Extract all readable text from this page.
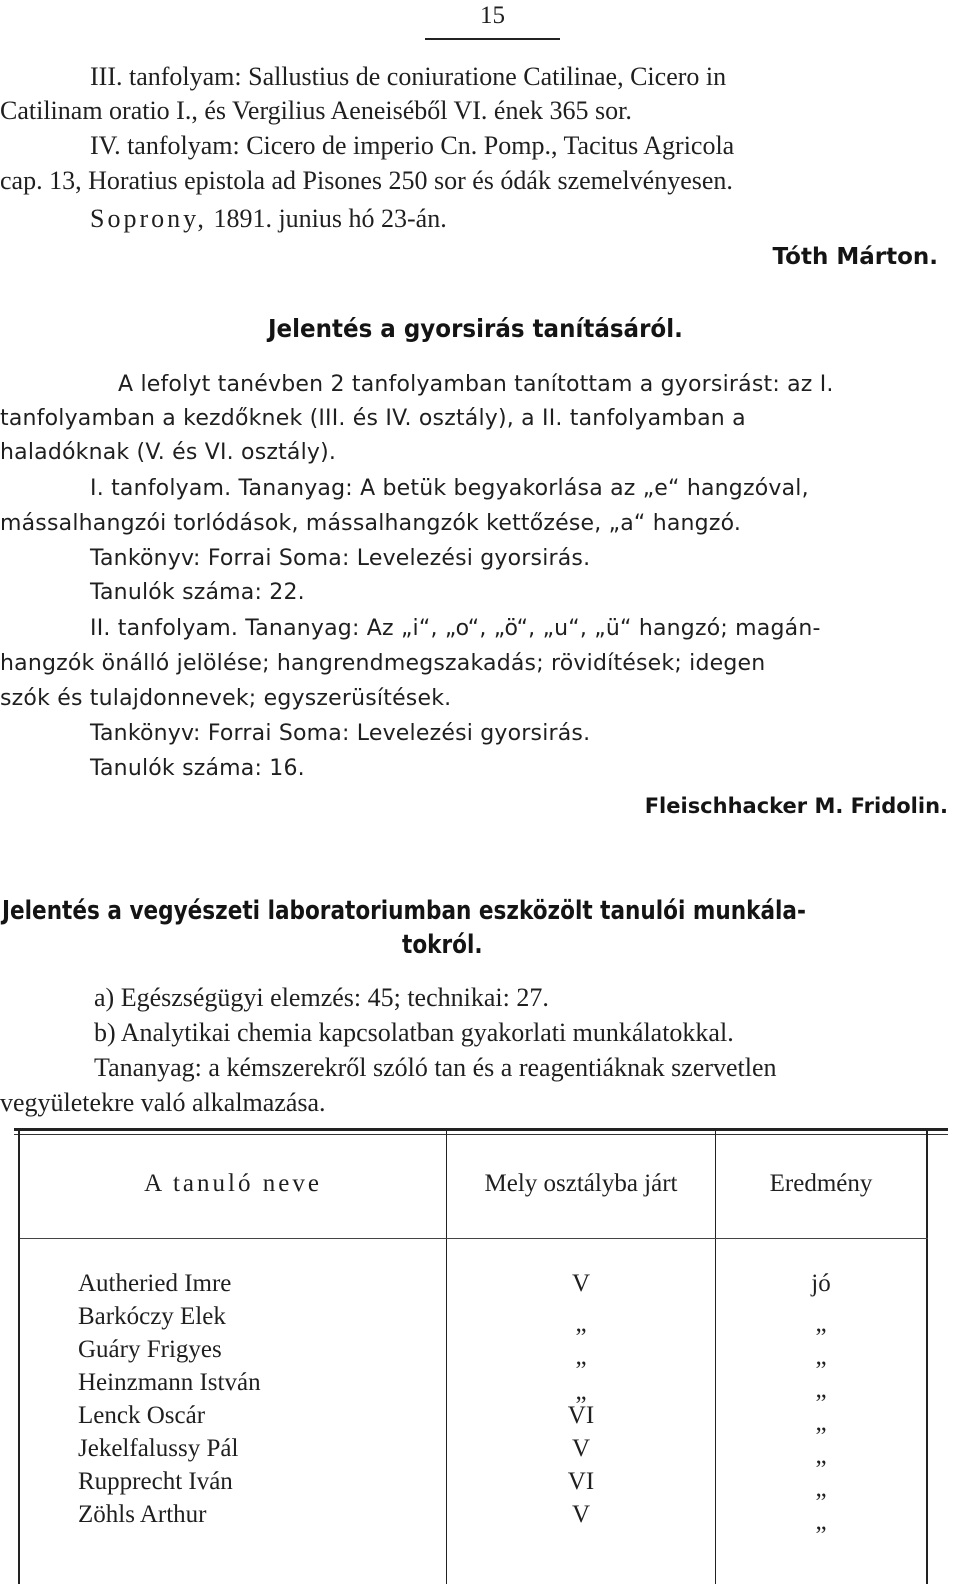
15
III. tanfolyam: Sallustius de coniuratione Catilinae, Cicero in
Catilinam oratio I., és Vergilius Aeneiséből VI. ének 365 sor.
IV. tanfolyam: Cicero de imperio Cn. Pomp., Tacitus Agricola
cap. 13, Horatius epistola ad Pisones 250 sor és ódák szemelvényesen.
Soprony, 1891. junius hó 23-án.
Tóth Márton.
Jelentés a gyorsirás tanításáról.
A lefolyt tanévben 2 tanfolyamban tanítottam a gyorsirást: az I.
tanfolyamban a kezdőknek (III. és IV. osztály), a II. tanfolyamban a
haladóknak (V. és VI. osztály).
I. tanfolyam. Tananyag: A betük begyakorlása az „e“ hangzóval,
mássalhangzói torlódások, mássalhangzók kettőzése, „a“ hangzó.
Tankönyv: Forrai Soma: Levelezési gyorsirás.
Tanulók száma: 22.
II. tanfolyam. Tananyag: Az „i“, „o“, „ö“, „u“, „ü“ hangzó; magán-
hangzók önálló jelölése; hangrendmegszakadás; rövidítések; idegen
szók és tulajdonnevek; egyszerüsítések.
Tankönyv: Forrai Soma: Levelezési gyorsirás.
Tanulók száma: 16.
Fleischhacker M. Fridolin.
Jelentés a vegyészeti laboratoriumban eszközölt tanulói munkála-
tokról.
a) Egészségügyi elemzés: 45; technikai: 27.
b) Analytikai chemia kapcsolatban gyakorlati munkálatokkal.
Tananyag: a kémszerekről szóló tan és a reagentiáknak szervetlen
vegyületekre való alkalmazása.
A tanuló neve	Mely osztályba járt	Eredmény
Autheried Imre	V	jó
Barkóczy Elek	„	„
Guáry Frigyes	„	„
Heinzmann István	„	„
Lenck Oscár	VI	„
Jekelfalussy Pál	V	„
Rupprecht Iván	VI	„
Zöhls Arthur	V	„
